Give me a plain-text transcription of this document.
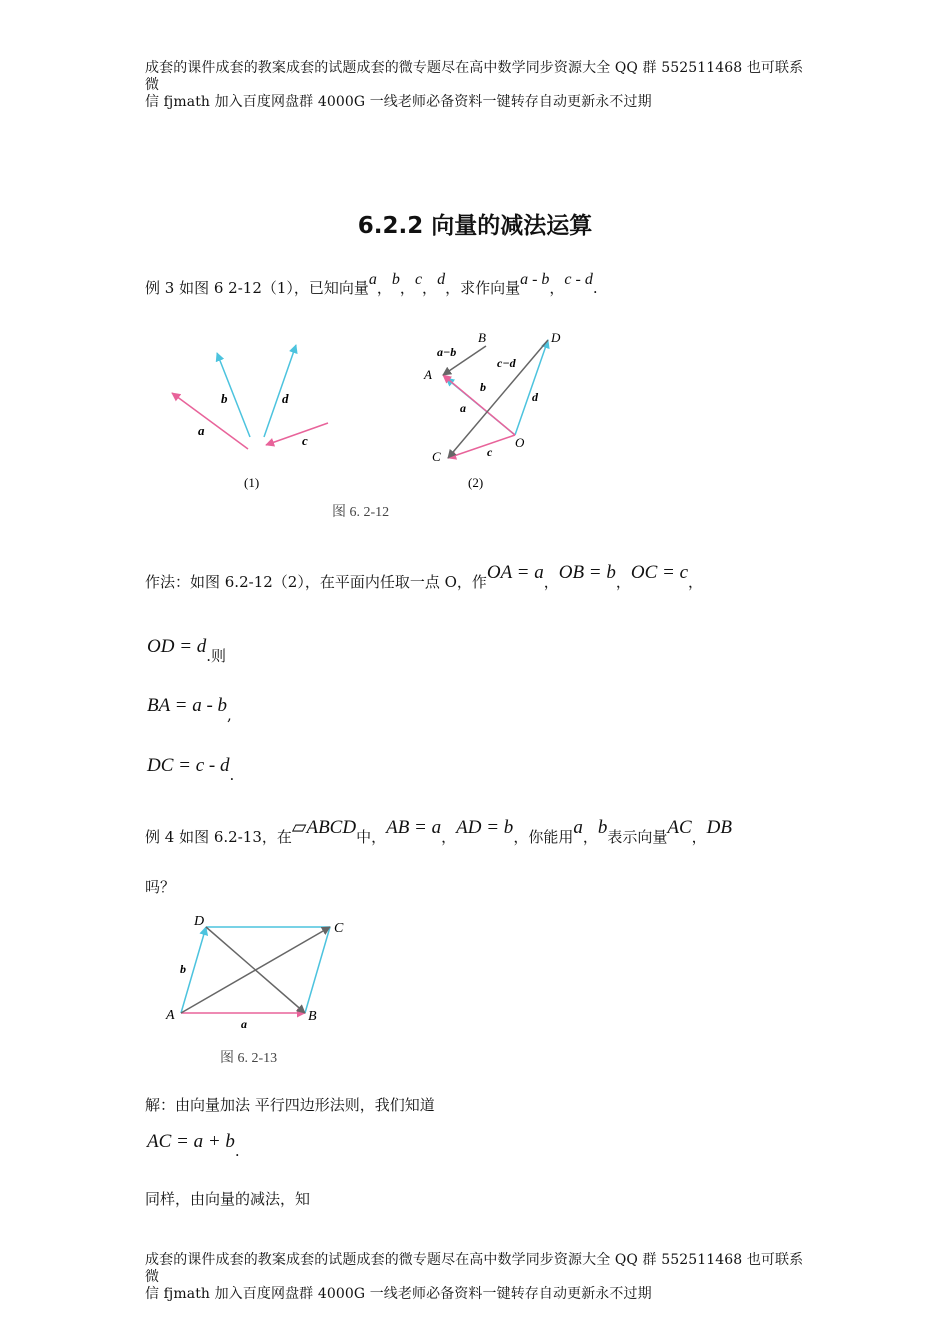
成套的课件成套的教案成套的试题成套的微专题尽在高中数学同步资源大全 QQ 群 552511468 也可联系微
信 fjmath 加入百度网盘群 4000G 一线老师必备资料一键转存自动更新永不过期
6.2.2 向量的减法运算
例 3 如图 6 2-12（1），已知向量a，b，c，d，求作向量a - b，c - d.
a
b	d
c
(1)
B	D
A
C
O
a−b
c−d
b
d
a
c
(2)
图 6. 2-12
作法：如图 6.2-12（2），在平面内任取一点 O，作OA = a，OB = b，OC = c，
OD = $d_{.则}$
BA = a - $b_,$
DC = c - $d_.$
例 4 如图 6.2-13，在▱ABCD中，AB = a，AD = b，你能用a，b表示向量AC，DB
吗？
D	C
A	B
a
b
图 6. 2-13
解：由向量加法 平行四边形法则，我们知道
AC = $a + b_.$
同样，由向量的减法，知
成套的课件成套的教案成套的试题成套的微专题尽在高中数学同步资源大全 QQ 群 552511468 也可联系微
信 fjmath 加入百度网盘群 4000G 一线老师必备资料一键转存自动更新永不过期
